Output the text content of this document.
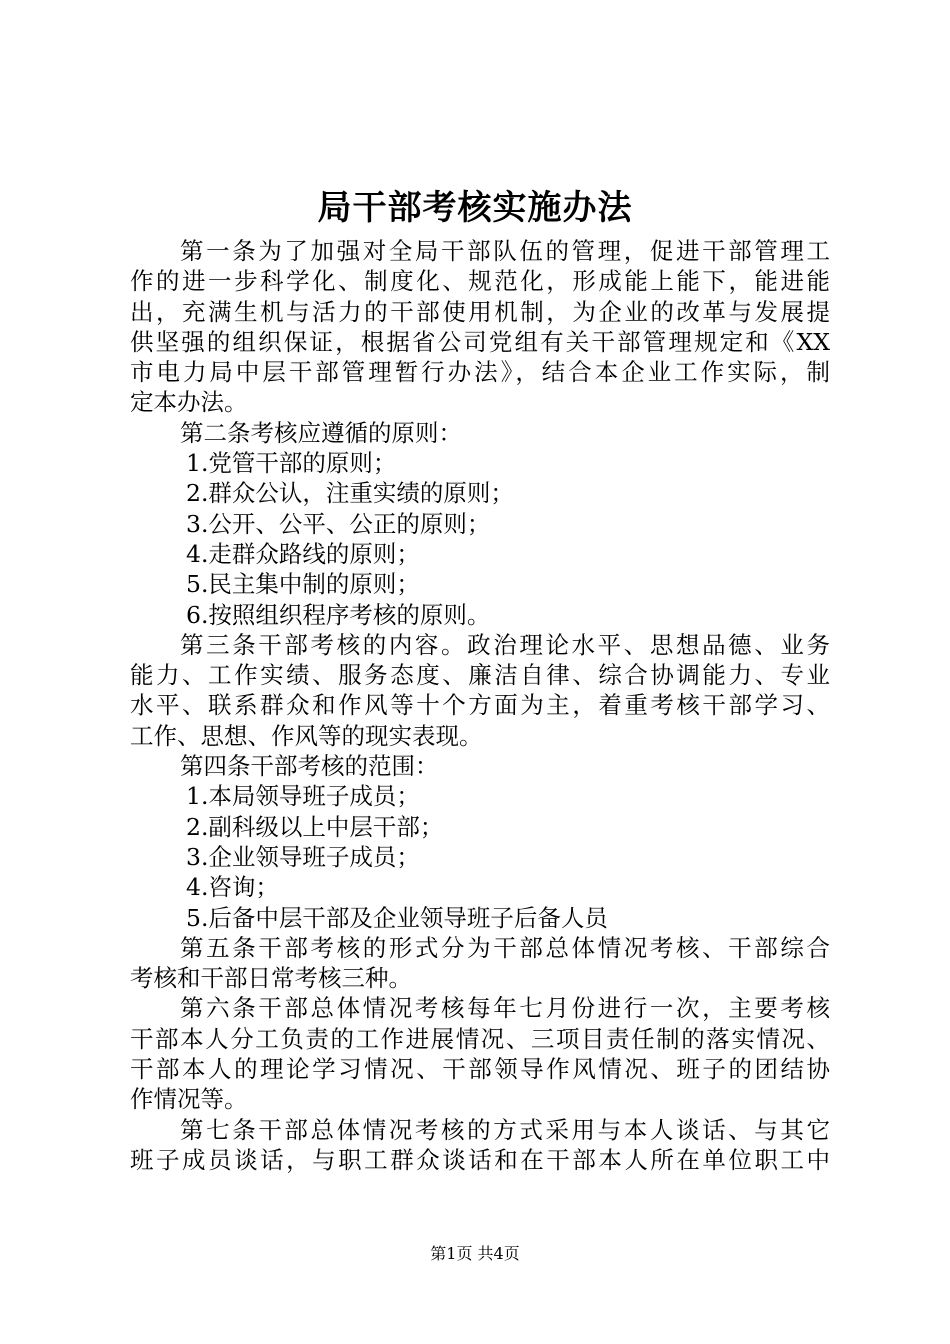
局干部考核实施办法
第一条为了加强对全局干部队伍的管理，促进干部管理工
作的进一步科学化、制度化、规范化，形成能上能下，能进能
出，充满生机与活力的干部使用机制，为企业的改革与发展提
供坚强的组织保证，根据省公司党组有关干部管理规定和《XX
市电力局中层干部管理暂行办法》，结合本企业工作实际，制
定本办法。
第二条考核应遵循的原则：
1.党管干部的原则；
2.群众公认，注重实绩的原则；
3.公开、公平、公正的原则；
4.走群众路线的原则；
5.民主集中制的原则；
6.按照组织程序考核的原则。
第三条干部考核的内容。政治理论水平、思想品德、业务
能力、工作实绩、服务态度、廉洁自律、综合协调能力、专业
水平、联系群众和作风等十个方面为主，着重考核干部学习、
工作、思想、作风等的现实表现。
第四条干部考核的范围：
1.本局领导班子成员；
2.副科级以上中层干部；
3.企业领导班子成员；
4.咨询；
5.后备中层干部及企业领导班子后备人员
第五条干部考核的形式分为干部总体情况考核、干部综合
考核和干部日常考核三种。
第六条干部总体情况考核每年七月份进行一次，主要考核
干部本人分工负责的工作进展情况、三项目责任制的落实情况、
干部本人的理论学习情况、干部领导作风情况、班子的团结协
作情况等。
第七条干部总体情况考核的方式采用与本人谈话、与其它
班子成员谈话，与职工群众谈话和在干部本人所在单位职工中
第1页 共4页
